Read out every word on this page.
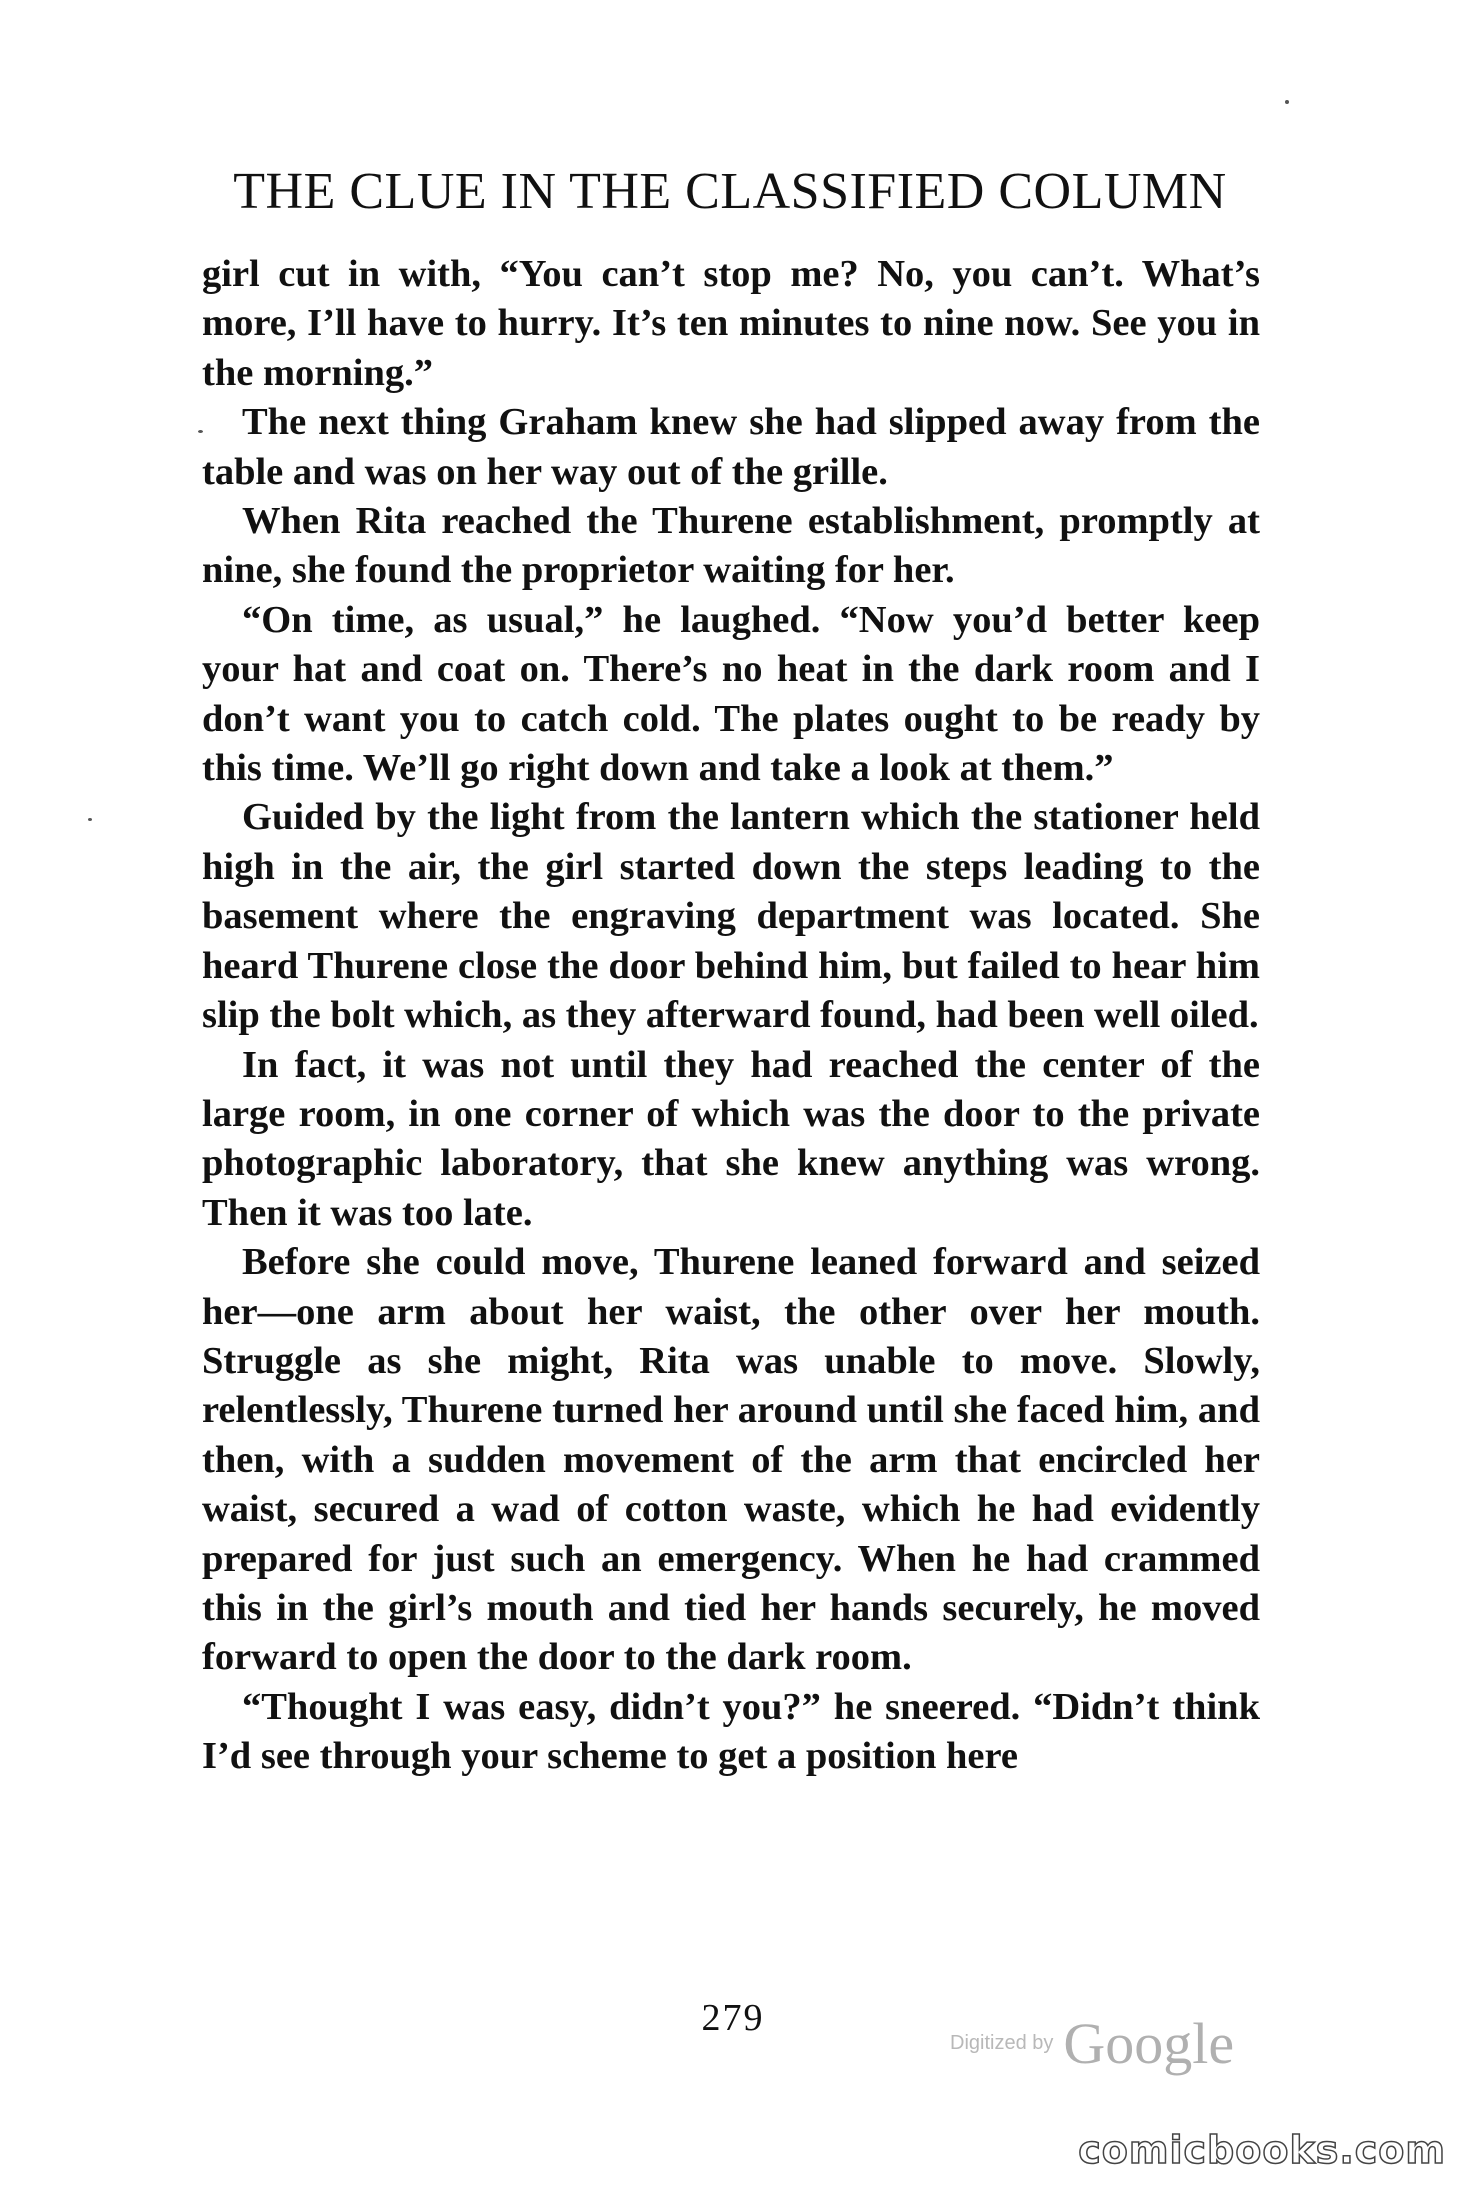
THE CLUE IN THE CLASSIFIED COLUMN

girl cut in with, “You can’t stop me? No, you can’t. What’s more, I’ll have to hurry. It’s ten minutes to nine now. See you in the morning.”

The next thing Graham knew she had slipped away from the table and was on her way out of the grille.

When Rita reached the Thurene establishment, promptly at nine, she found the proprietor waiting for her.

“On time, as usual,” he laughed. “Now you’d better keep your hat and coat on. There’s no heat in the dark room and I don’t want you to catch cold. The plates ought to be ready by this time. We’ll go right down and take a look at them.”

Guided by the light from the lantern which the stationer held high in the air, the girl started down the steps leading to the basement where the engraving department was located. She heard Thurene close the door behind him, but failed to hear him slip the bolt which, as they afterward found, had been well oiled.

In fact, it was not until they had reached the center of the large room, in one corner of which was the door to the private photographic laboratory, that she knew anything was wrong. Then it was too late.

Before she could move, Thurene leaned forward and seized her—one arm about her waist, the other over her mouth. Struggle as she might, Rita was unable to move. Slowly, relentlessly, Thurene turned her around until she faced him, and then, with a sudden movement of the arm that encircled her waist, secured a wad of cotton waste, which he had evidently prepared for just such an emergency. When he had crammed this in the girl’s mouth and tied her hands securely, he moved forward to open the door to the dark room.

“Thought I was easy, didn’t you?” he sneered. “Didn’t think I’d see through your scheme to get a position here

279
Digitized by Google
comicbooks.com
